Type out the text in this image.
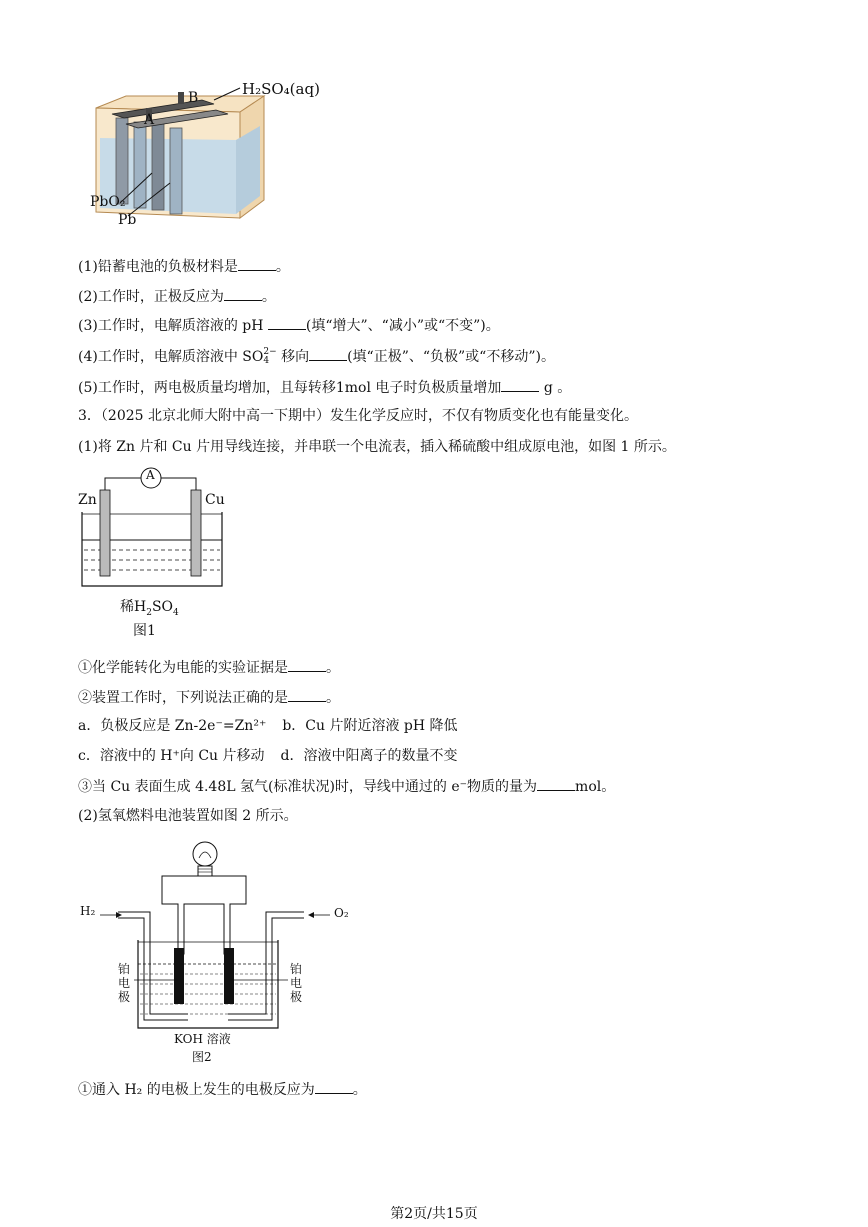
H₂SO₄(aq)
B
A
PbO₂
Pb
(1)铅蓄电池的负极材料是	。
(2)工作时，正极反应为	。
(3)工作时，电解质溶液的 pH	(填“增大”、“减小”或“不变”)。
(4)工作时，电解质溶液中 SO 2−
4 移向	(填“正极”、“负极”或“不移动”)。
(5)工作时，两电极质量均增加，且每转移1mol 电子时负极质量增加	g 。
3．（2025 北京北师大附中高一下期中）发生化学反应时，不仅有物质变化也有能量变化。
(1)将 Zn 片和 Cu 片用导线连接，并串联一个电流表，插入稀硫酸中组成原电池，如图 1 所示。
A
Zn	Cu
稀$H_2SO_4$
图1
①化学能转化为电能的实验证据是	。
②装置工作时，下列说法正确的是	。
a．负极反应是 Zn-2e⁻=Zn²⁺ b．Cu 片附近溶液 pH 降低
c．溶液中的 H⁺向 Cu 片移动 d．溶液中阳离子的数量不变
③当 Cu 表面生成 4.48L 氢气(标准状况)时，导线中通过的 e⁻物质的量为	mol。
(2)氢氧燃料电池装置如图 2 所示。
H₂	O₂
铂
电
极
铂
电
极
KOH 溶液
图2
①通入 H₂ 的电极上发生的电极反应为	。
第2页/共15页
